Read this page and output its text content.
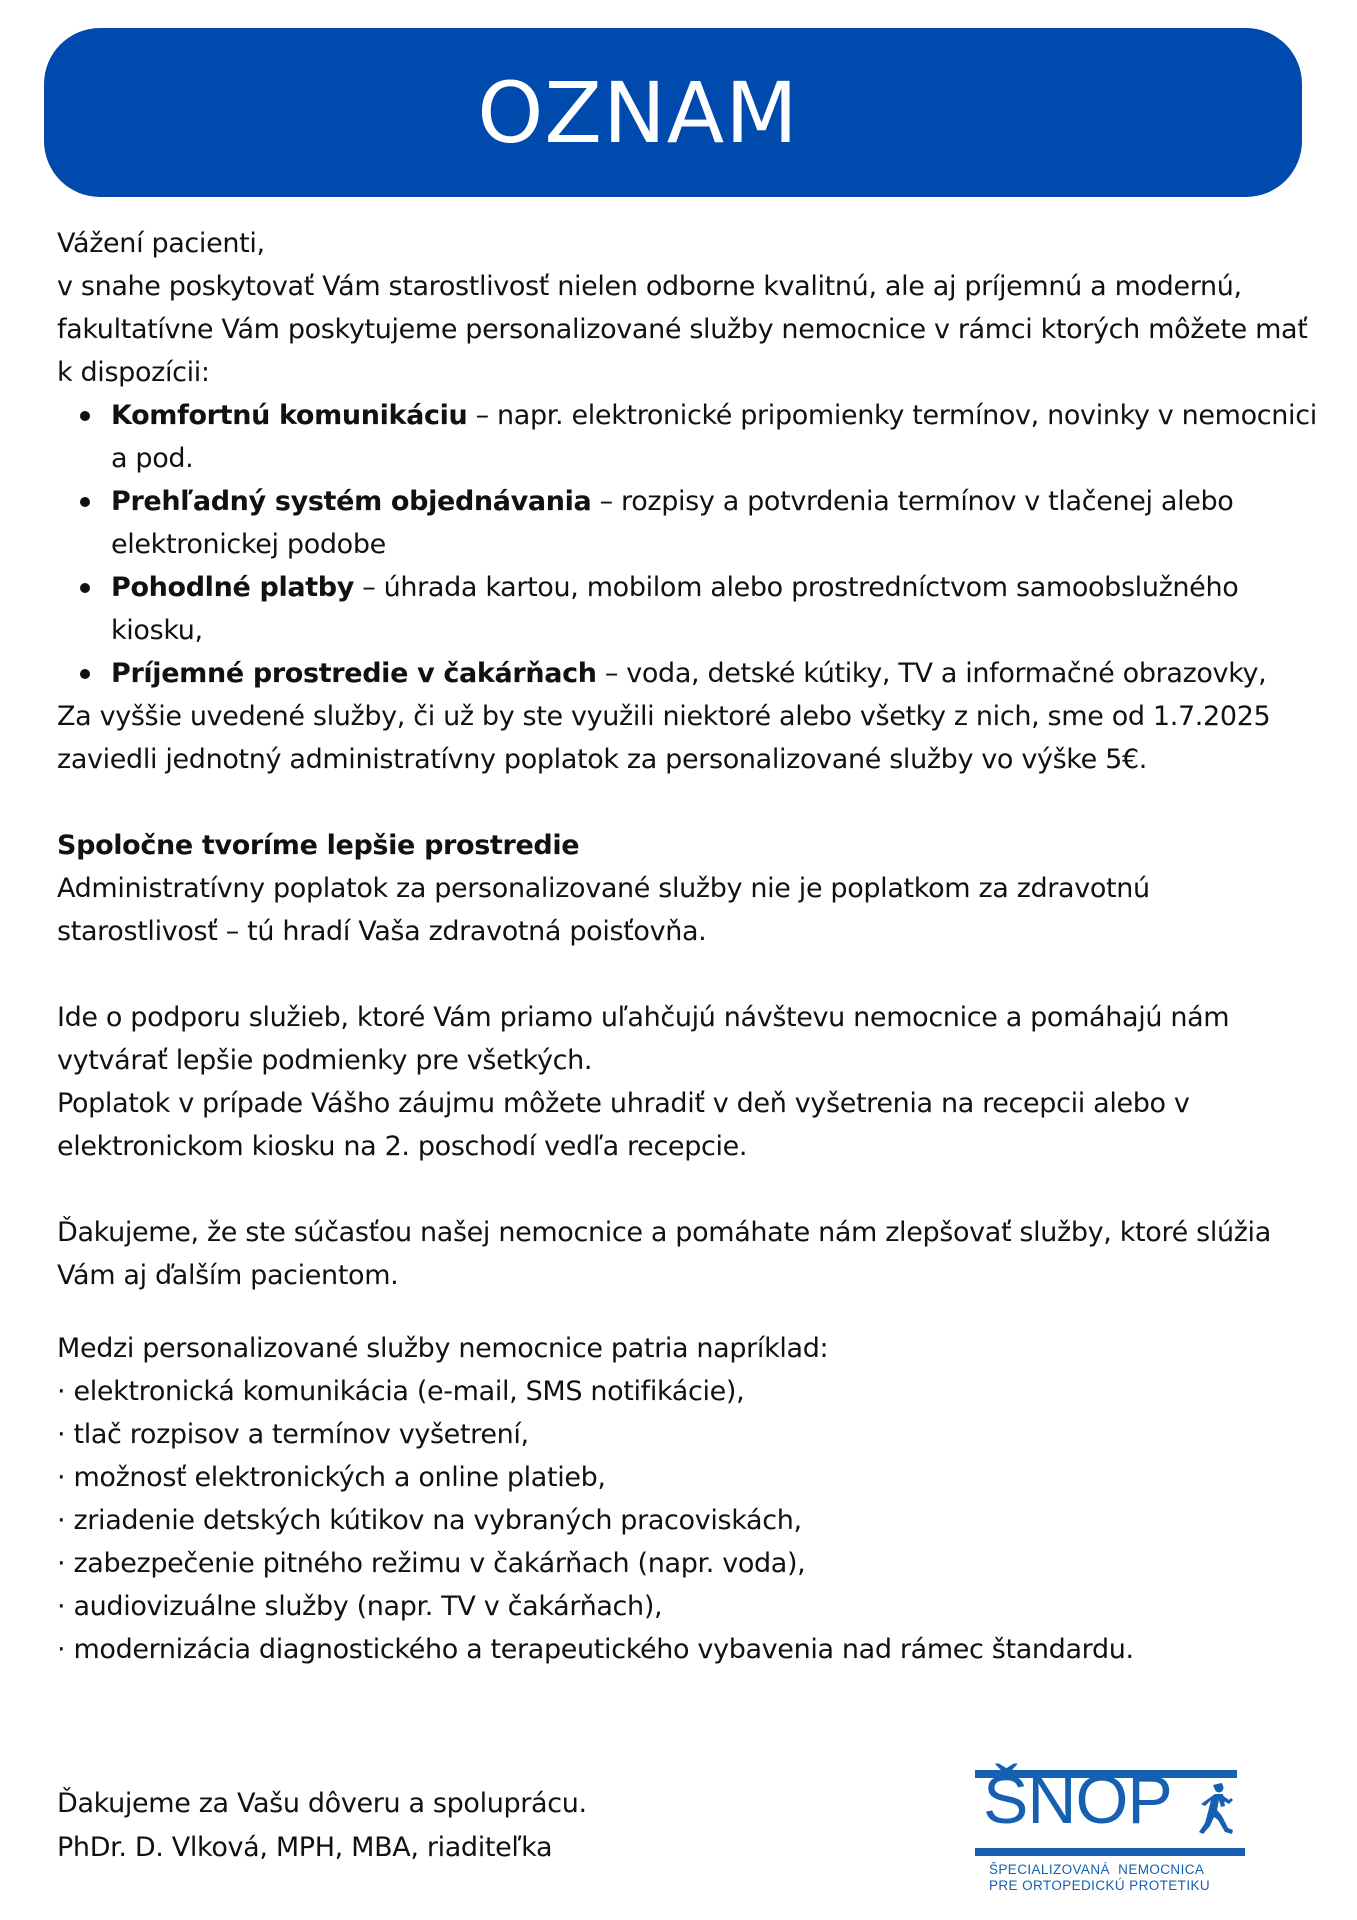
OZNAM

Vážení pacienti,

v snahe poskytovať Vám starostlivosť nielen odborne kvalitnú, ale aj príjemnú a modernú, fakultatívne Vám poskytujeme personalizované služby nemocnice v rámci ktorých môžete mať k dispozícii:

Komfortnú komunikáciu – napr. elektronické pripomienky termínov, novinky v nemocnici a pod.
Prehľadný systém objednávania – rozpisy a potvrdenia termínov v tlačenej alebo elektronickej podobe
Pohodlné platby – úhrada kartou, mobilom alebo prostredníctvom samoobslužného kiosku,
Príjemné prostredie v čakárňach – voda, detské kútiky, TV a informačné obrazovky,

Za vyššie uvedené služby, či už by ste využili niektoré alebo všetky z nich, sme od 1.7.2025 zaviedli jednotný administratívny poplatok za personalizované služby vo výške 5€.

Spoločne tvoríme lepšie prostredie

Administratívny poplatok za personalizované služby nie je poplatkom za zdravotnú starostlivosť – tú hradí Vaša zdravotná poisťovňa.

Ide o podporu služieb, ktoré Vám priamo uľahčujú návštevu nemocnice a pomáhajú nám vytvárať lepšie podmienky pre všetkých.

Poplatok v prípade Vášho záujmu môžete uhradiť v deň vyšetrenia na recepcii alebo v elektronickom kiosku na 2. poschodí vedľa recepcie.

Ďakujeme, že ste súčasťou našej nemocnice a pomáhate nám zlepšovať služby, ktoré slúžia Vám aj ďalším pacientom.

Medzi personalizované služby nemocnice patria napríklad:

· elektronická komunikácia (e-mail, SMS notifikácie),
· tlač rozpisov a termínov vyšetrení,
· možnosť elektronických a online platieb,
· zriadenie detských kútikov na vybraných pracoviskách,
· zabezpečenie pitného režimu v čakárňach (napr. voda),
· audiovizuálne služby (napr. TV v čakárňach),
· modernizácia diagnostického a terapeutického vybavenia nad rámec štandardu.
Ďakujeme za Vašu dôveru a spoluprácu.
PhDr. D. Vlková, MPH, MBA, riaditeľka
ŠNOP
ŠPECIALIZOVANÁ  NEMOCNICA
PRE ORTOPEDICKÚ PROTETIKU
